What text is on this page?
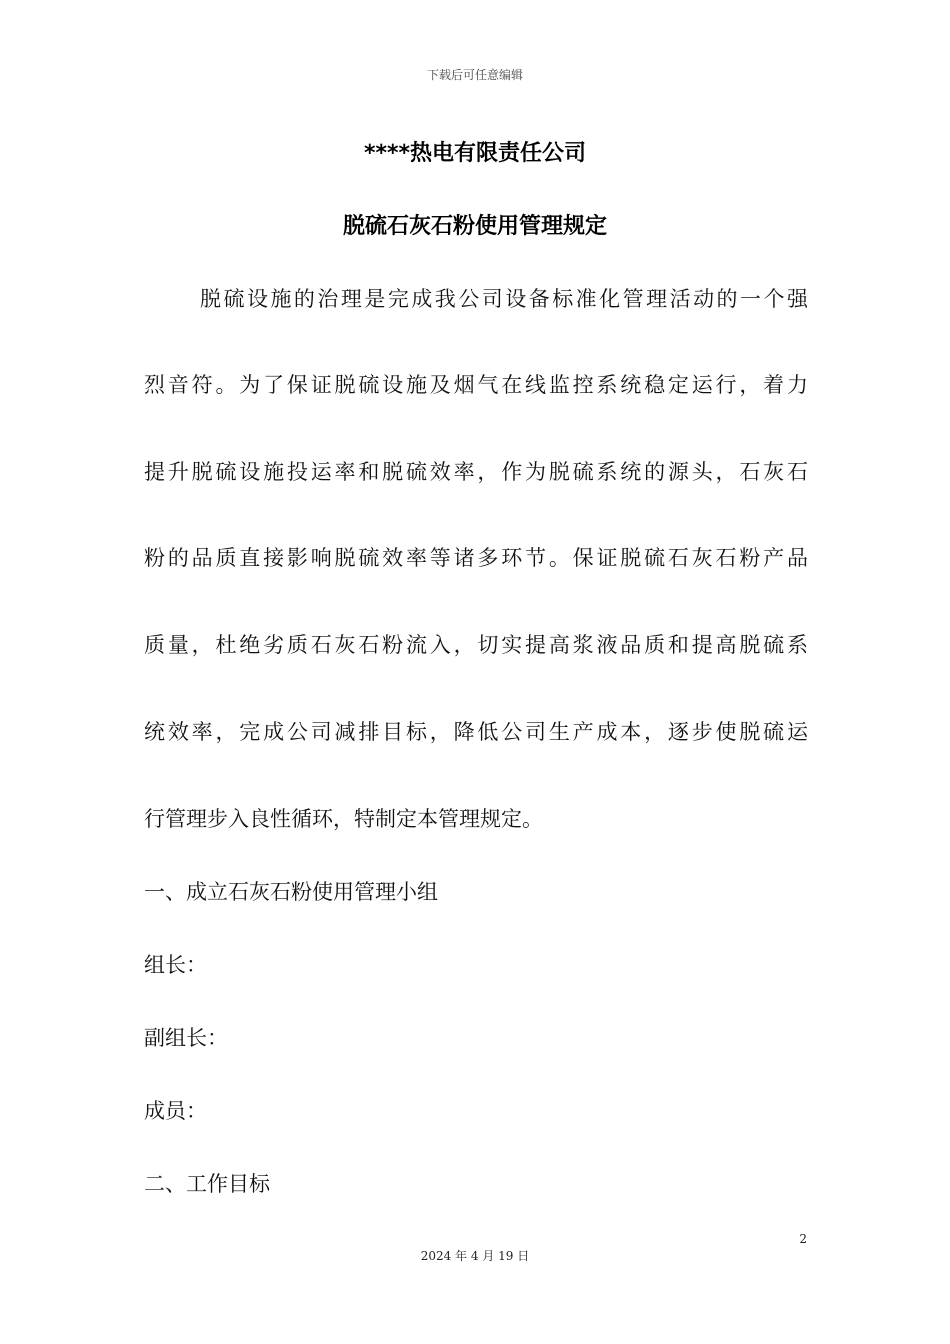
下载后可任意编辑
****热电有限责任公司
脱硫石灰石粉使用管理规定
脱硫设施的治理是完成我公司设备标准化管理活动的一个强
烈音符。为了保证脱硫设施及烟气在线监控系统稳定运行，着力
提升脱硫设施投运率和脱硫效率，作为脱硫系统的源头，石灰石
粉的品质直接影响脱硫效率等诸多环节。保证脱硫石灰石粉产品
质量，杜绝劣质石灰石粉流入，切实提高浆液品质和提高脱硫系
统效率，完成公司减排目标，降低公司生产成本，逐步使脱硫运
行管理步入良性循环，特制定本管理规定。
一、成立石灰石粉使用管理小组
组长：
副组长：
成员：
二、工作目标
2
2024 年 4 月 19 日
